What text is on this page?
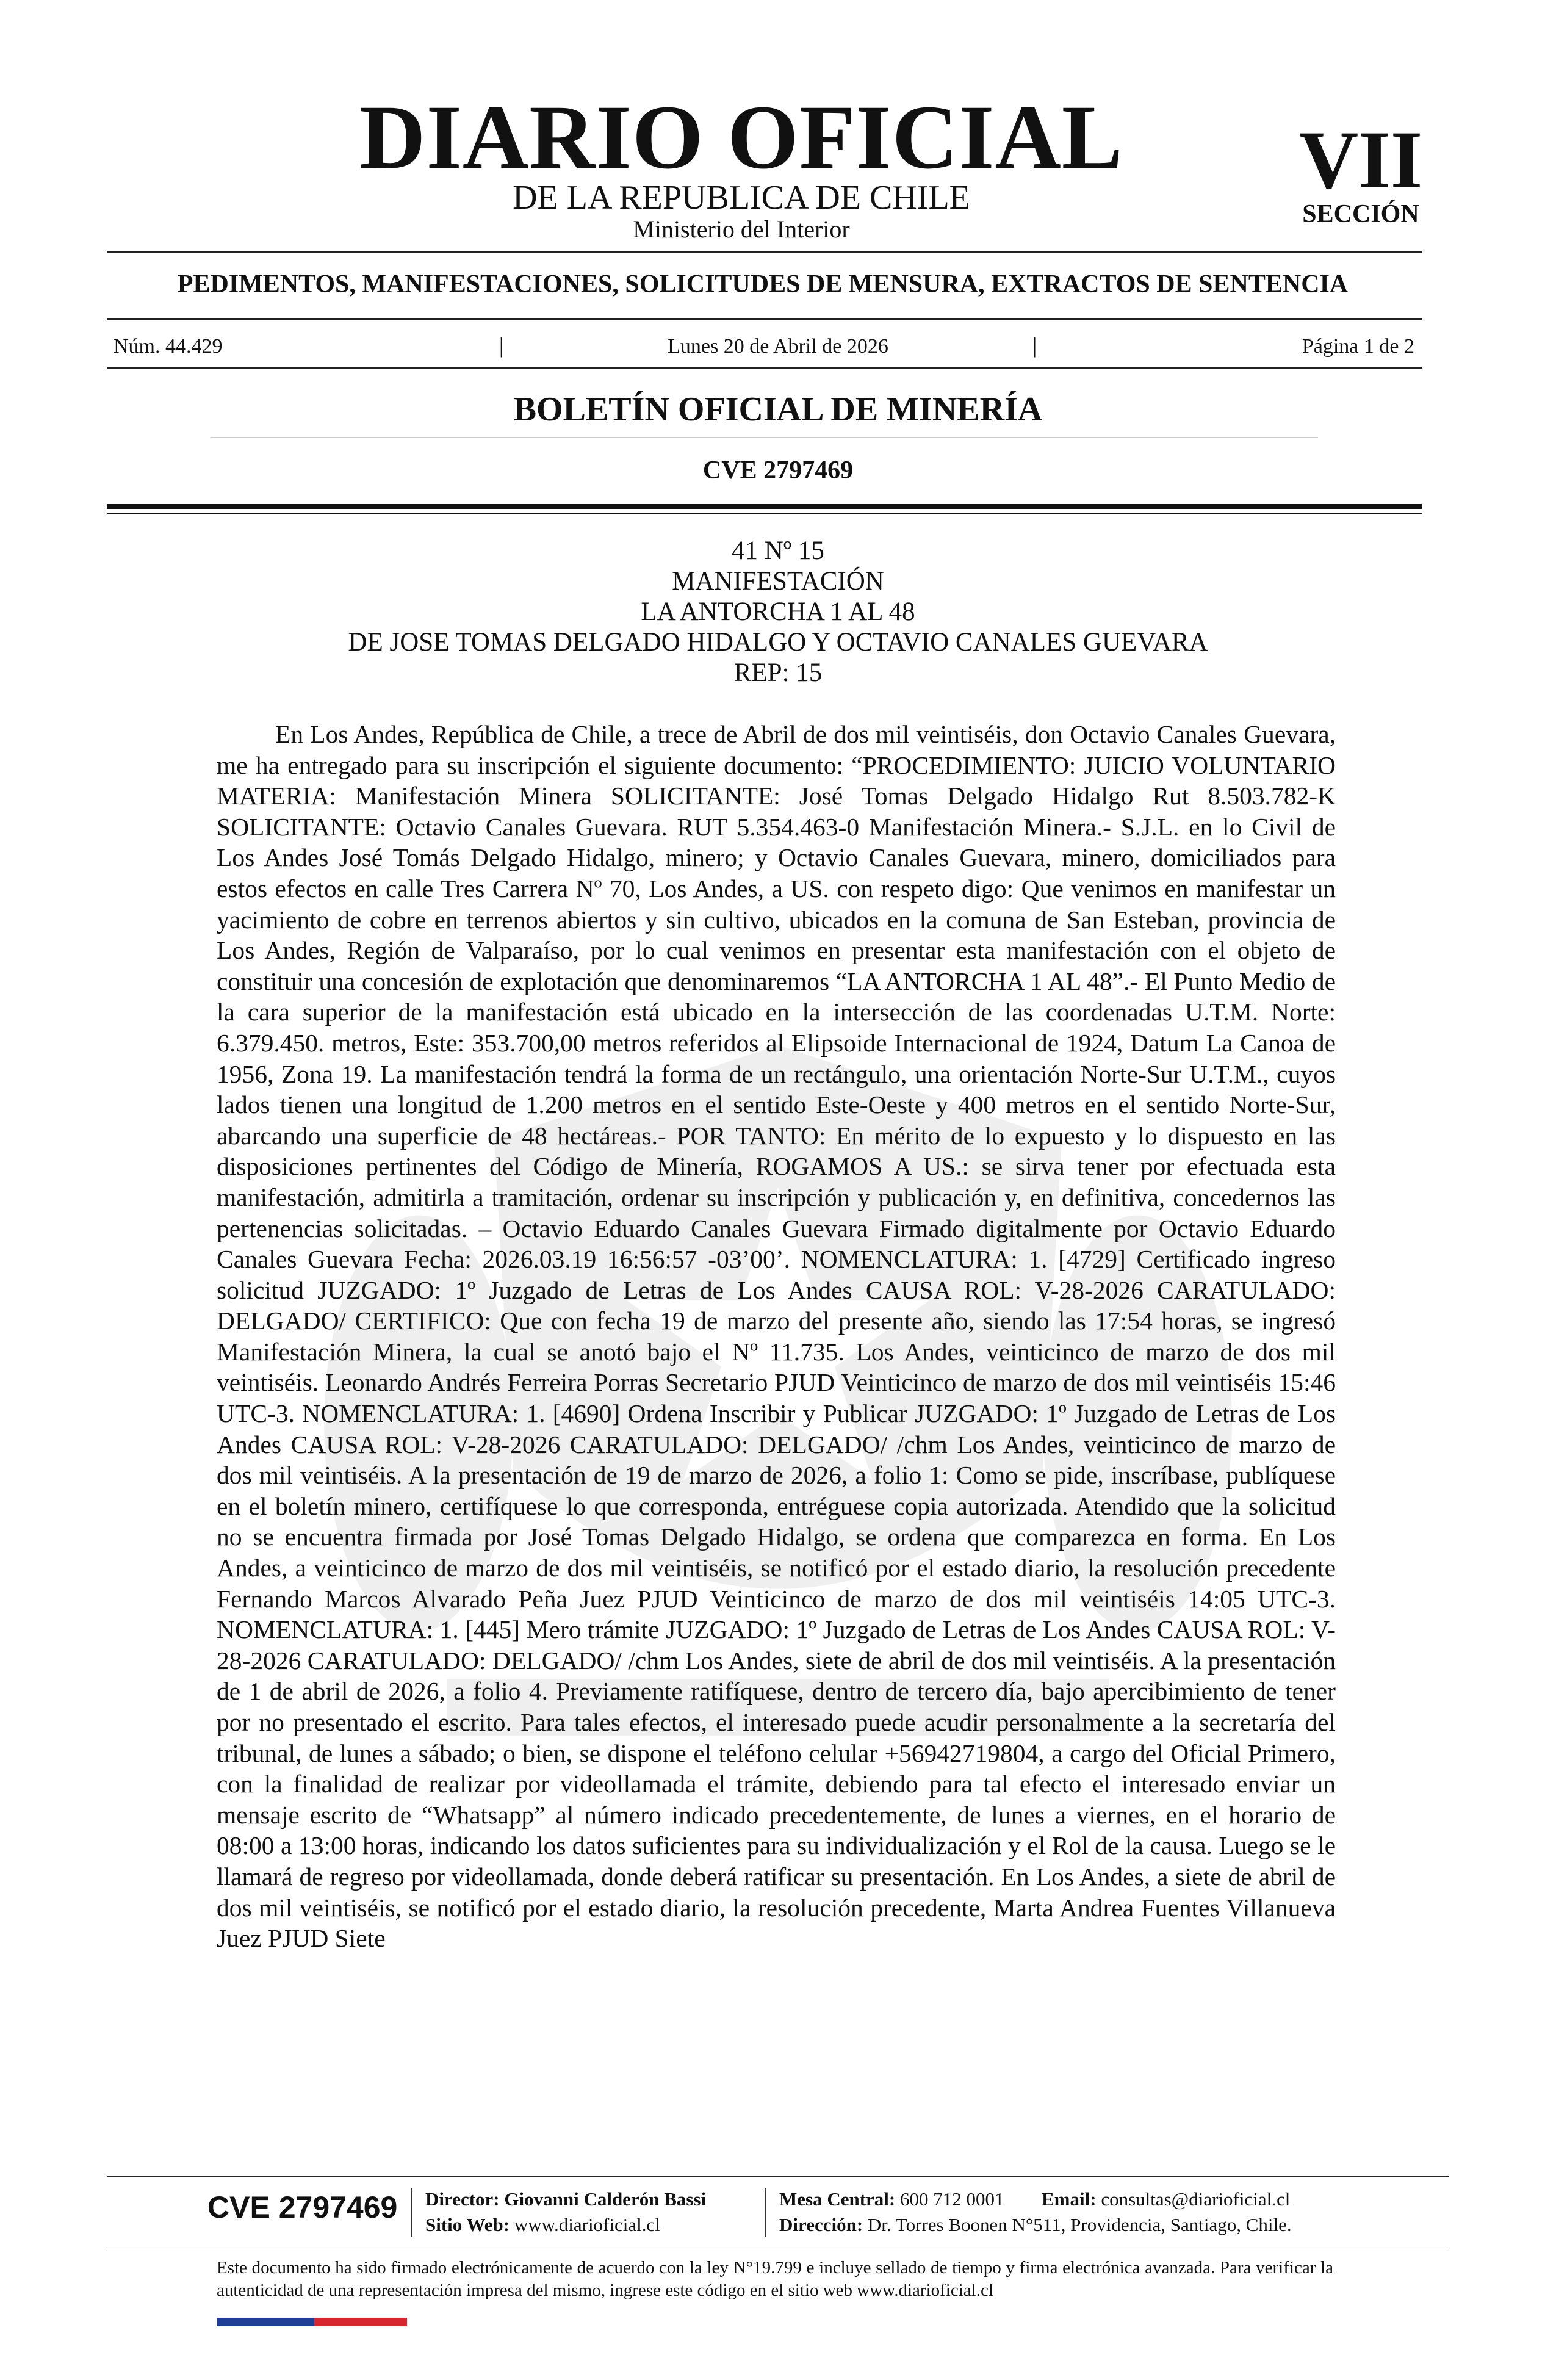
DIARIO OFICIAL
DE LA REPUBLICA DE CHILE
Ministerio del Interior
VII
SECCIÓN
PEDIMENTOS, MANIFESTACIONES, SOLICITUDES DE MENSURA, EXTRACTOS DE SENTENCIA
Núm. 44.429	|	Lunes 20 de Abril de 2026	|	Página 1 de 2
BOLETÍN OFICIAL DE MINERÍA
CVE 2797469
41 Nº 15
MANIFESTACIÓN
LA ANTORCHA 1 AL 48
DE JOSE TOMAS DELGADO HIDALGO Y OCTAVIO CANALES GUEVARA
REP: 15
En Los Andes, República de Chile, a trece de Abril de dos mil veintiséis, don Octavio Canales Guevara, me ha entregado para su inscripción el siguiente documento: “PROCEDIMIENTO: JUICIO VOLUNTARIO MATERIA: Manifestación Minera SOLICITANTE: José Tomas Delgado Hidalgo Rut 8.503.782-K SOLICITANTE: Octavio Canales Guevara. RUT 5.354.463-0 Manifestación Minera.- S.J.L. en lo Civil de Los Andes José Tomás Delgado Hidalgo, minero; y Octavio Canales Guevara, minero, domiciliados para estos efectos en calle Tres Carrera Nº 70, Los Andes, a US. con respeto digo: Que venimos en manifestar un yacimiento de cobre en terrenos abiertos y sin cultivo, ubicados en la comuna de San Esteban, provincia de Los Andes, Región de Valparaíso, por lo cual venimos en presentar esta manifestación con el objeto de constituir una concesión de explotación que denominaremos “LA ANTORCHA 1 AL 48”.- El Punto Medio de la cara superior de la manifestación está ubicado en la intersección de las coordenadas U.T.M. Norte: 6.379.450. metros, Este: 353.700,00 metros referidos al Elipsoide Internacional de 1924, Datum La Canoa de 1956, Zona 19. La manifestación tendrá la forma de un rectángulo, una orientación Norte-Sur U.T.M., cuyos lados tienen una longitud de 1.200 metros en el sentido Este-Oeste y 400 metros en el sentido Norte-Sur, abarcando una superficie de 48 hectáreas.- POR TANTO: En mérito de lo expuesto y lo dispuesto en las disposiciones pertinentes del Código de Minería, ROGAMOS A US.: se sirva tener por efectuada esta manifestación, admitirla a tramitación, ordenar su inscripción y publicación y, en definitiva, concedernos las pertenencias solicitadas. – Octavio Eduardo Canales Guevara Firmado digitalmente por Octavio Eduardo Canales Guevara Fecha: 2026.03.19 16:56:57 -03’00’. NOMENCLATURA: 1. [4729] Certificado ingreso solicitud JUZGADO: 1º Juzgado de Letras de Los Andes CAUSA ROL: V-28-2026 CARATULADO: DELGADO/ CERTIFICO: Que con fecha 19 de marzo del presente año, siendo las 17:54 horas, se ingresó Manifestación Minera, la cual se anotó bajo el Nº 11.735. Los Andes, veinticinco de marzo de dos mil veintiséis. Leonardo Andrés Ferreira Porras Secretario PJUD Veinticinco de marzo de dos mil veintiséis 15:46 UTC-3. NOMENCLATURA: 1. [4690] Ordena Inscribir y Publicar JUZGADO: 1º Juzgado de Letras de Los Andes CAUSA ROL: V-28-2026 CARATULADO: DELGADO/ /chm Los Andes, veinticinco de marzo de dos mil veintiséis. A la presentación de 19 de marzo de 2026, a folio 1: Como se pide, inscríbase, publíquese en el boletín minero, certifíquese lo que corresponda, entréguese copia autorizada. Atendido que la solicitud no se encuentra firmada por José Tomas Delgado Hidalgo, se ordena que comparezca en forma. En Los Andes, a veinticinco de marzo de dos mil veintiséis, se notificó por el estado diario, la resolución precedente Fernando Marcos Alvarado Peña Juez PJUD Veinticinco de marzo de dos mil veintiséis 14:05 UTC-3. NOMENCLATURA: 1. [445] Mero trámite JUZGADO: 1º Juzgado de Letras de Los Andes CAUSA ROL: V-28-2026 CARATULADO: DELGADO/ /chm Los Andes, siete de abril de dos mil veintiséis. A la presentación de 1 de abril de 2026, a folio 4. Previamente ratifíquese, dentro de tercero día, bajo apercibimiento de tener por no presentado el escrito. Para tales efectos, el interesado puede acudir personalmente a la secretaría del tribunal, de lunes a sábado; o bien, se dispone el teléfono celular +56942719804, a cargo del Oficial Primero, con la finalidad de realizar por videollamada el trámite, debiendo para tal efecto el interesado enviar un mensaje escrito de “Whatsapp” al número indicado precedentemente, de lunes a viernes, en el horario de 08:00 a 13:00 horas, indicando los datos suficientes para su individualización y el Rol de la causa. Luego se le llamará de regreso por videollamada, donde deberá ratificar su presentación. En Los Andes, a siete de abril de dos mil veintiséis, se notificó por el estado diario, la resolución precedente, Marta Andrea Fuentes Villanueva Juez PJUD Siete
CVE 2797469 Director: Giovanni Calderón Bassi
Sitio Web: www.diarioficial.cl
Mesa Central: 600 712 0001 Email: consultas@diarioficial.cl
Dirección: Dr. Torres Boonen N°511, Providencia, Santiago, Chile.
Este documento ha sido firmado electrónicamente de acuerdo con la ley N°19.799 e incluye sellado de tiempo y firma electrónica avanzada. Para verificar la autenticidad de una representación impresa del mismo, ingrese este código en el sitio web www.diarioficial.cl
